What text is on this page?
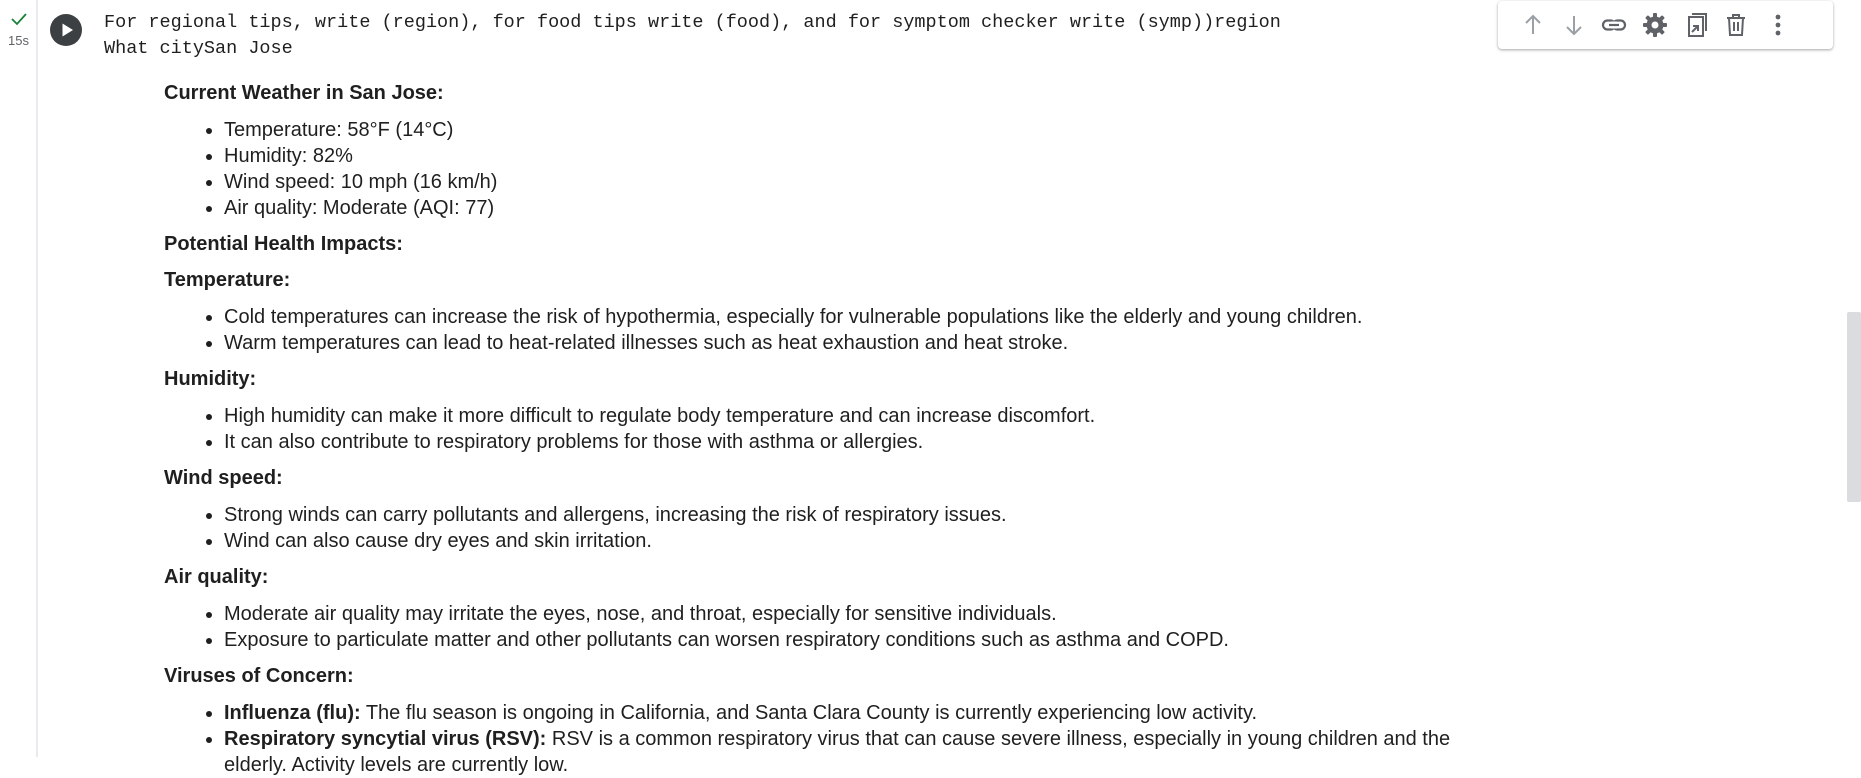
15s
For regional tips, write (region), for food tips write (food), and for symptom checker write (symp))region
What citySan Jose

Current Weather in San Jose:

• Temperature: 58°F (14°C)
• Humidity: 82%
• Wind speed: 10 mph (16 km/h)
• Air quality: Moderate (AQI: 77)

Potential Health Impacts:

Temperature:

• Cold temperatures can increase the risk of hypothermia, especially for vulnerable populations like the elderly and young children.
• Warm temperatures can lead to heat-related illnesses such as heat exhaustion and heat stroke.

Humidity:

• High humidity can make it more difficult to regulate body temperature and can increase discomfort.
• It can also contribute to respiratory problems for those with asthma or allergies.

Wind speed:

• Strong winds can carry pollutants and allergens, increasing the risk of respiratory issues.
• Wind can also cause dry eyes and skin irritation.

Air quality:

• Moderate air quality may irritate the eyes, nose, and throat, especially for sensitive individuals.
• Exposure to particulate matter and other pollutants can worsen respiratory conditions such as asthma and COPD.

Viruses of Concern:

• Influenza (flu): The flu season is ongoing in California, and Santa Clara County is currently experiencing low activity.
• Respiratory syncytial virus (RSV): RSV is a common respiratory virus that can cause severe illness, especially in young children and the elderly. Activity levels are currently low.
